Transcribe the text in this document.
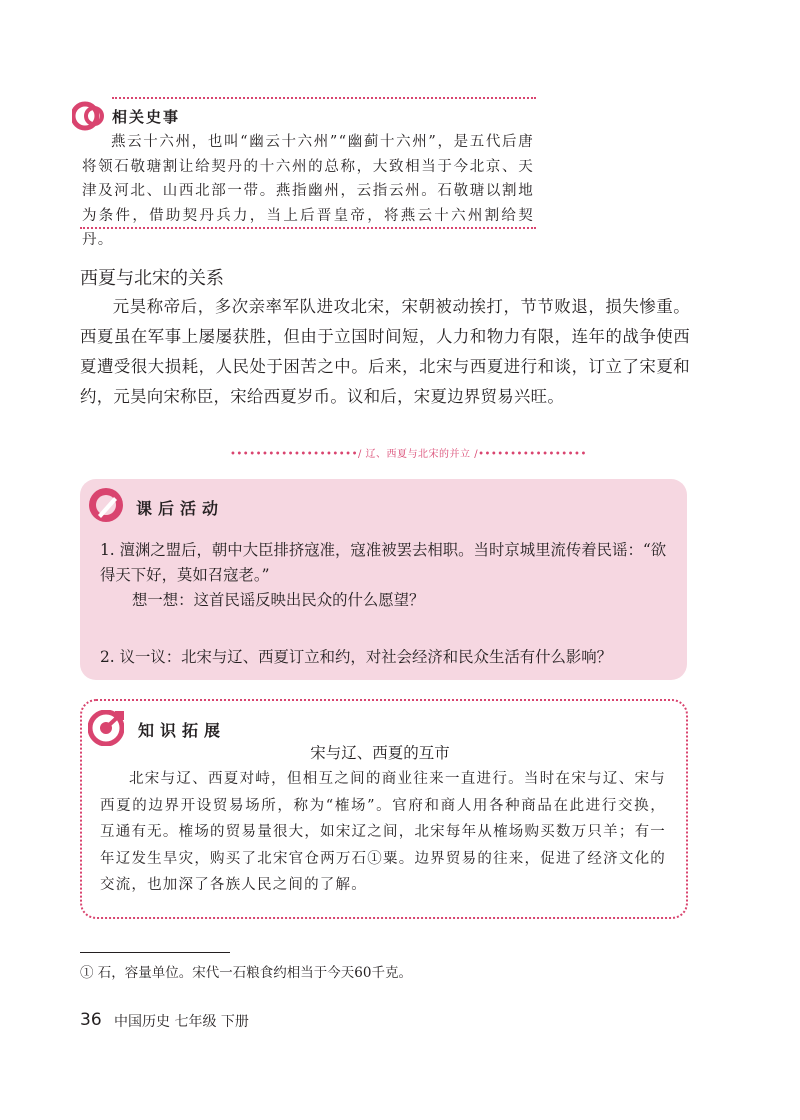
相关史事
燕云十六州，也叫“幽云十六州”“幽蓟十六州”，是五代后唐将领石敬瑭割让给契丹的十六州的总称，大致相当于今北京、天津及河北、山西北部一带。燕指幽州，云指云州。石敬瑭以割地为条件，借助契丹兵力，当上后晋皇帝，将燕云十六州割给契丹。
西夏与北宋的关系
元昊称帝后，多次亲率军队进攻北宋，宋朝被动挨打，节节败退，损失惨重。西夏虽在军事上屡屡获胜，但由于立国时间短，人力和物力有限，连年的战争使西夏遭受很大损耗，人民处于困苦之中。后来，北宋与西夏进行和谈，订立了宋夏和约，元昊向宋称臣，宋给西夏岁币。议和后，宋夏边界贸易兴旺。
••••••••••••••••••••/ 辽、西夏与北宋的并立 /•••••••••••••••••
课后活动
1. 澶渊之盟后，朝中大臣排挤寇准，寇准被罢去相职。当时京城里流传着民谣：“欲得天下好，莫如召寇老。”
想一想：这首民谣反映出民众的什么愿望？
2. 议一议：北宋与辽、西夏订立和约，对社会经济和民众生活有什么影响？
知识拓展
宋与辽、西夏的互市
北宋与辽、西夏对峙，但相互之间的商业往来一直进行。当时在宋与辽、宋与西夏的边界开设贸易场所，称为“榷场”。官府和商人用各种商品在此进行交换，互通有无。榷场的贸易量很大，如宋辽之间，北宋每年从榷场购买数万只羊；有一年辽发生旱灾，购买了北宋官仓两万石①粟。边界贸易的往来，促进了经济文化的交流，也加深了各族人民之间的了解。
① 石，容量单位。宋代一石粮食约相当于今天60千克。
36 中国历史 七年级 下册
